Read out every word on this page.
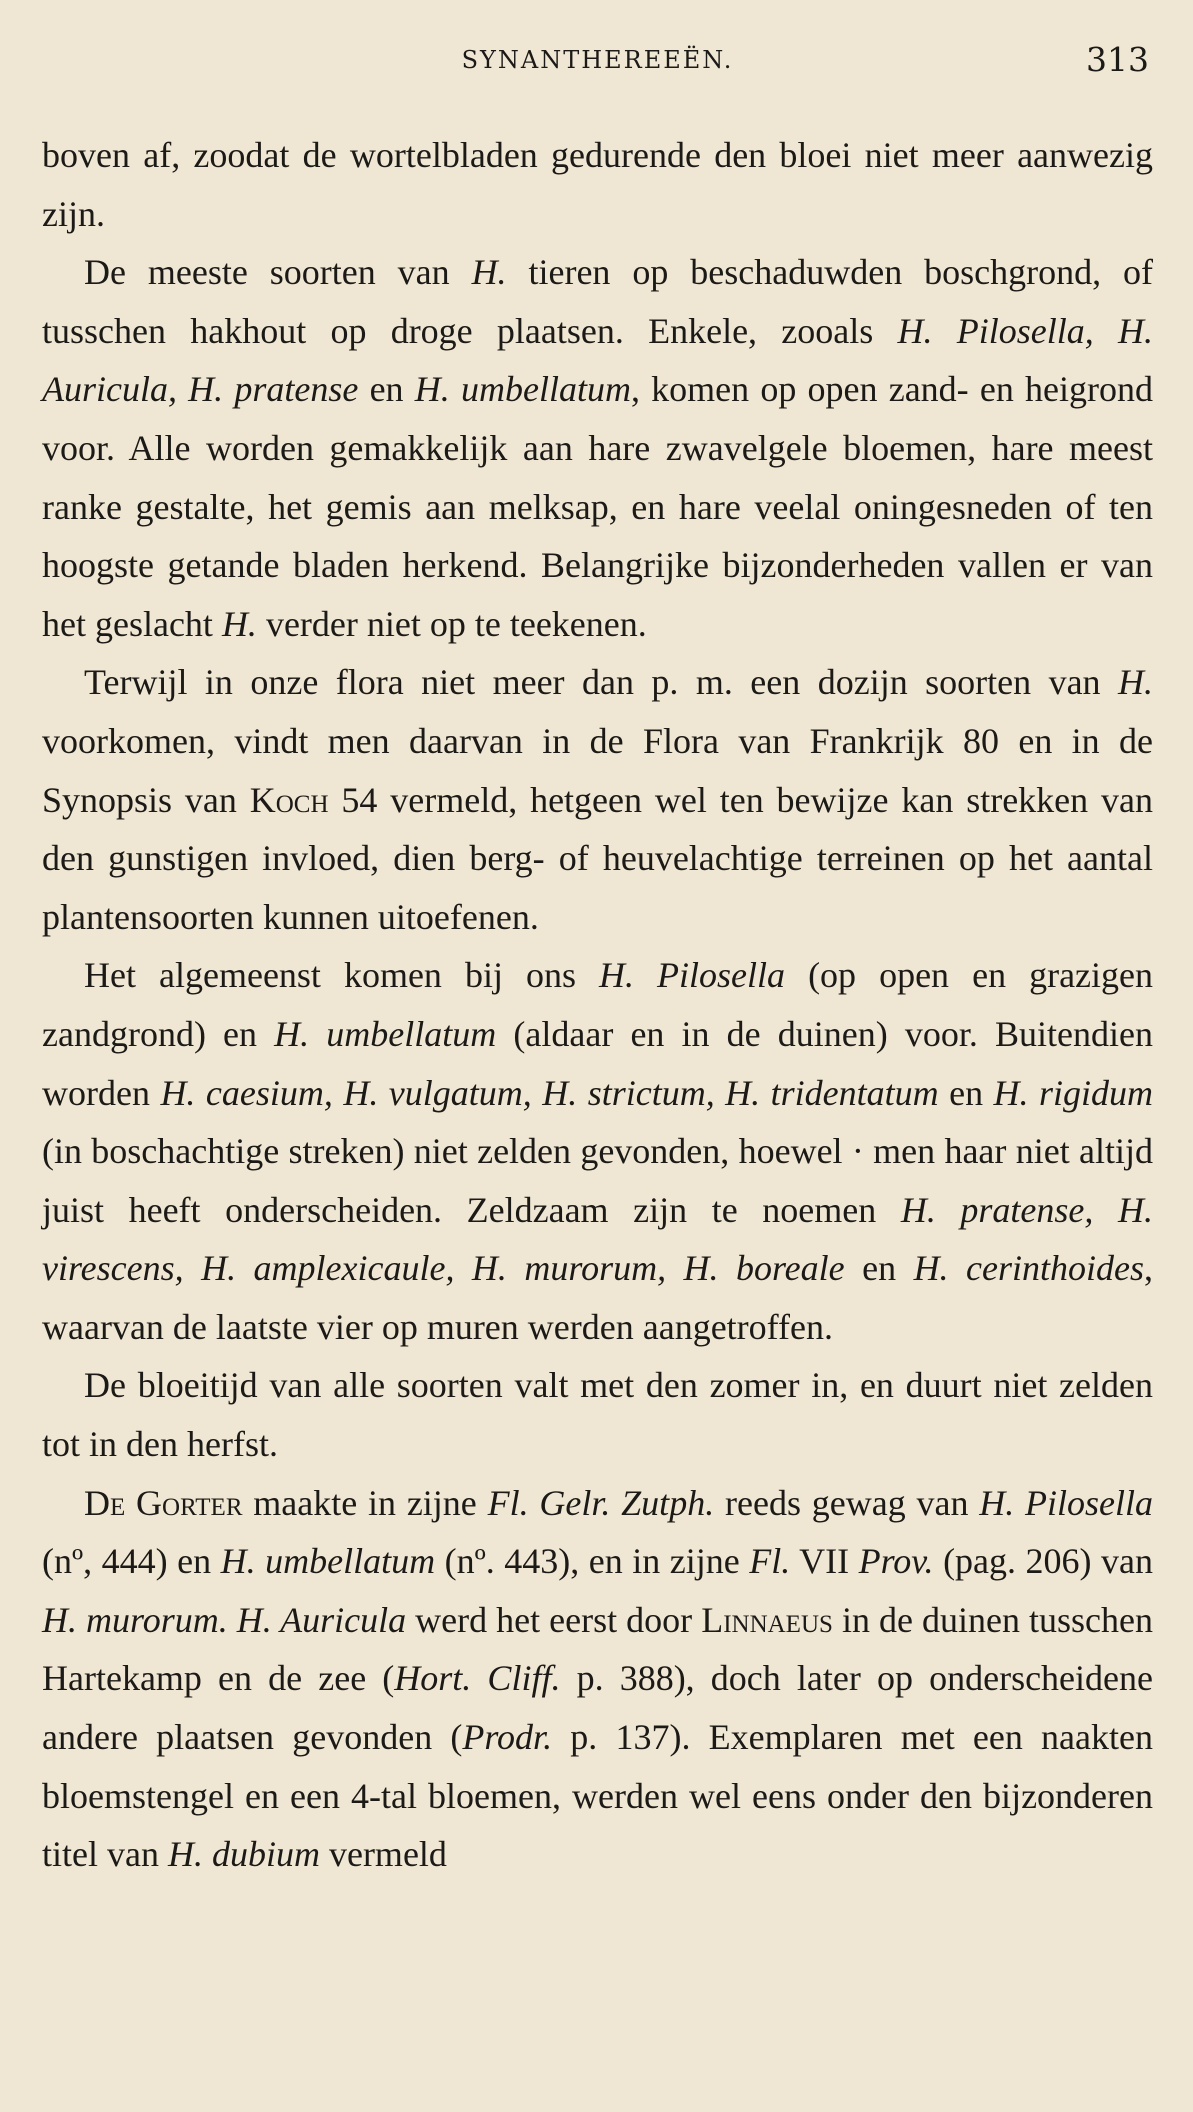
SYNANTHEREEËN.	313

boven af, zoodat de wortelbladen gedurende den bloei niet meer aanwezig zijn.

De meeste soorten van H. tieren op beschaduwden boschgrond, of tusschen hakhout op droge plaatsen. Enkele, zooals H. Pilosella, H. Auricula, H. pratense en H. umbellatum, komen op open zand- en heigrond voor. Alle worden gemakkelijk aan hare zwavelgele bloemen, hare meest ranke gestalte, het gemis aan melksap, en hare veelal oningesneden of ten hoogste getande bladen herkend. Belangrijke bijzonderheden vallen er van het geslacht H. verder niet op te teekenen.

Terwijl in onze flora niet meer dan p. m. een dozijn soorten van H. voorkomen, vindt men daarvan in de Flora van Frankrijk 80 en in de Synopsis van Koch 54 vermeld, hetgeen wel ten bewijze kan strekken van den gunstigen invloed, dien berg- of heuvelachtige terreinen op het aantal plantensoorten kunnen uitoefenen.

Het algemeenst komen bij ons H. Pilosella (op open en grazigen zandgrond) en H. umbellatum (aldaar en in de duinen) voor. Buitendien worden H. caesium, H. vulgatum, H. strictum, H. tridentatum en H. rigidum (in boschachtige streken) niet zelden gevonden, hoewel · men haar niet altijd juist heeft onderscheiden. Zeldzaam zijn te noemen H. pratense, H. virescens, H. amplexicaule, H. murorum, H. boreale en H. cerinthoides, waarvan de laatste vier op muren werden aangetroffen.

De bloeitijd van alle soorten valt met den zomer in, en duurt niet zelden tot in den herfst.

De Gorter maakte in zijne Fl. Gelr. Zutph. reeds gewag van H. Pilosella (nº, 444) en H. umbellatum (nº. 443), en in zijne Fl. VII Prov. (pag. 206) van H. murorum. H. Auricula werd het eerst door Linnaeus in de duinen tusschen Hartekamp en de zee (Hort. Cliff. p. 388), doch later op onderscheidene andere plaatsen gevonden (Prodr. p. 137). Exemplaren met een naakten bloemstengel en een 4-tal bloemen, werden wel eens onder den bijzonderen titel van H. dubium vermeld
